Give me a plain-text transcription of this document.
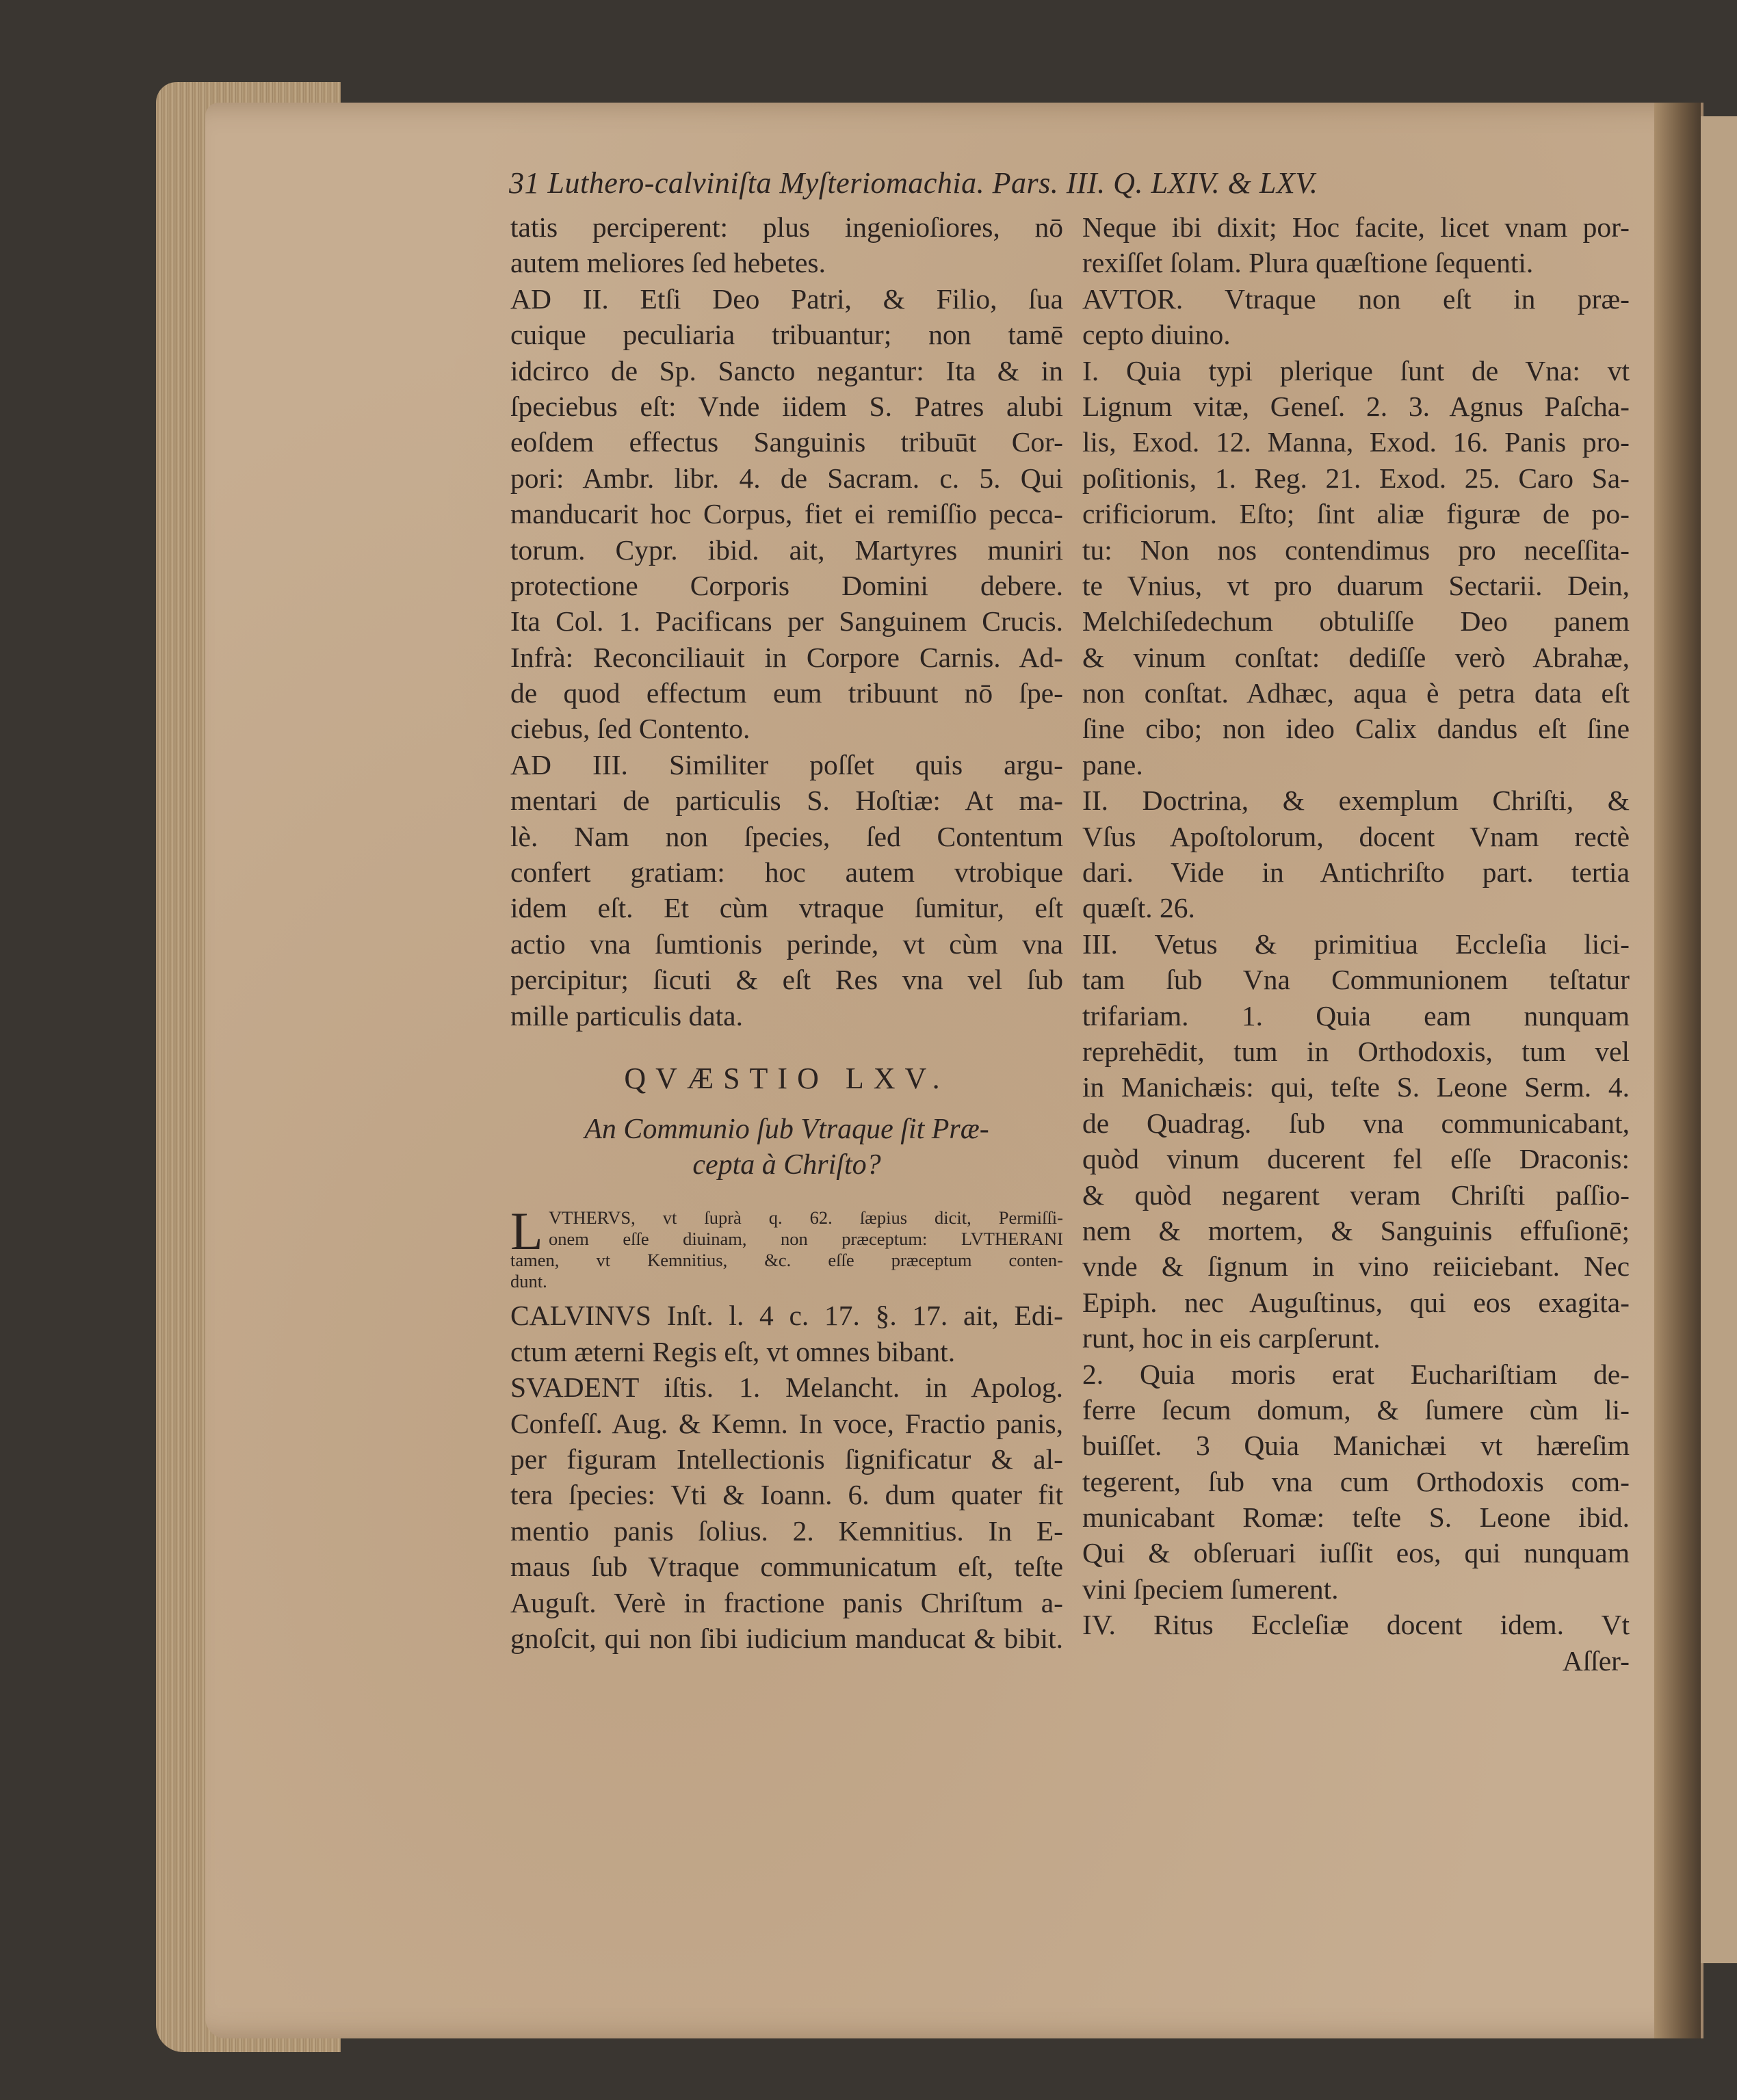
31 Luthero-calviniſta Myſteriomachia. Pars. III. Q. LXIV. & LXV.
tatis perciperent: plus ingenioſiores, nō
autem meliores ſed hebetes.
AD II. Etſi Deo Patri, & Filio, ſua
cuique peculiaria tribuantur; non tamē
idcirco de Sp. Sancto negantur: Ita & in
ſpeciebus eſt: Vnde iidem S. Patres alubi
eoſdem effectus Sanguinis tribuūt Cor-
pori: Ambr. libr. 4. de Sacram. c. 5. Qui
manducarit hoc Corpus, fiet ei remiſſio pecca-
torum. Cypr. ibid. ait, Martyres muniri
protectione Corporis Domini debere.
Ita Col. 1. Pacificans per Sanguinem Crucis.
Infrà: Reconciliauit in Corpore Carnis. Ad-
de quod effectum eum tribuunt nō ſpe-
ciebus, ſed Contento.
AD III. Similiter poſſet quis argu-
mentari de particulis S. Hoſtiæ: At ma-
lè. Nam non ſpecies, ſed Contentum
confert gratiam: hoc autem vtrobique
idem eſt. Et cùm vtraque ſumitur, eſt
actio vna ſumtionis perinde, vt cùm vna
percipitur; ſicuti & eſt Res vna vel ſub
mille particulis data.
QVÆSTIO LXV.
An Communio ſub Vtraque ſit Præ-
cepta à Chriſto?
L VTHERVS, vt ſuprà q. 62. ſæpius dicit, Permiſſi-
onem eſſe diuinam, non præceptum: LVTHERANI
tamen, vt Kemnitius, &c. eſſe præceptum conten-
dunt.
CALVINVS Inſt. l. 4 c. 17. §. 17. ait, Edi-
ctum æterni Regis eſt, vt omnes bibant.
SVADENT iſtis. 1. Melancht. in Apolog.
Confeſſ. Aug. & Kemn. In voce, Fractio panis,
per figuram Intellectionis ſignificatur & al-
tera ſpecies: Vti & Ioann. 6. dum quater fit
mentio panis ſolius. 2. Kemnitius. In E-
maus ſub Vtraque communicatum eſt, teſte
Auguſt. Verè in fractione panis Chriſtum a-
gnoſcit, qui non ſibi iudicium manducat & bibit.
Neque ibi dixit; Hoc facite, licet vnam por-
rexiſſet ſolam. Plura quæſtione ſequenti.
AVTOR. Vtraque non eſt in præ-
cepto diuino.
I. Quia typi plerique ſunt de Vna: vt
Lignum vitæ, Geneſ. 2. 3. Agnus Paſcha-
lis, Exod. 12. Manna, Exod. 16. Panis pro-
poſitionis, 1. Reg. 21. Exod. 25. Caro Sa-
crificiorum. Eſto; ſint aliæ figuræ de po-
tu: Non nos contendimus pro neceſſita-
te Vnius, vt pro duarum Sectarii. Dein,
Melchiſedechum obtuliſſe Deo panem
& vinum conſtat: dediſſe verò Abrahæ,
non conſtat. Adhæc, aqua è petra data eſt
ſine cibo; non ideo Calix dandus eſt ſine
pane.
II. Doctrina, & exemplum Chriſti, &
Vſus Apoſtolorum, docent Vnam rectè
dari. Vide in Antichriſto part. tertia
quæſt. 26.
III. Vetus & primitiua Eccleſia lici-
tam ſub Vna Communionem teſtatur
trifariam. 1. Quia eam nunquam
reprehēdit, tum in Orthodoxis, tum vel
in Manichæis: qui, teſte S. Leone Serm. 4.
de Quadrag. ſub vna communicabant,
quòd vinum ducerent fel eſſe Draconis:
& quòd negarent veram Chriſti paſſio-
nem & mortem, & Sanguinis effuſionē;
vnde & ſignum in vino reiiciebant. Nec
Epiph. nec Auguſtinus, qui eos exagita-
runt, hoc in eis carpſerunt.
2. Quia moris erat Euchariſtiam de-
ferre ſecum domum, & ſumere cùm li-
buiſſet. 3 Quia Manichæi vt hæreſim
tegerent, ſub vna cum Orthodoxis com-
municabant Romæ: teſte S. Leone ibid.
Qui & obſeruari iuſſit eos, qui nunquam
vini ſpeciem ſumerent.
IV. Ritus Eccleſiæ docent idem. Vt
Aſſer-
